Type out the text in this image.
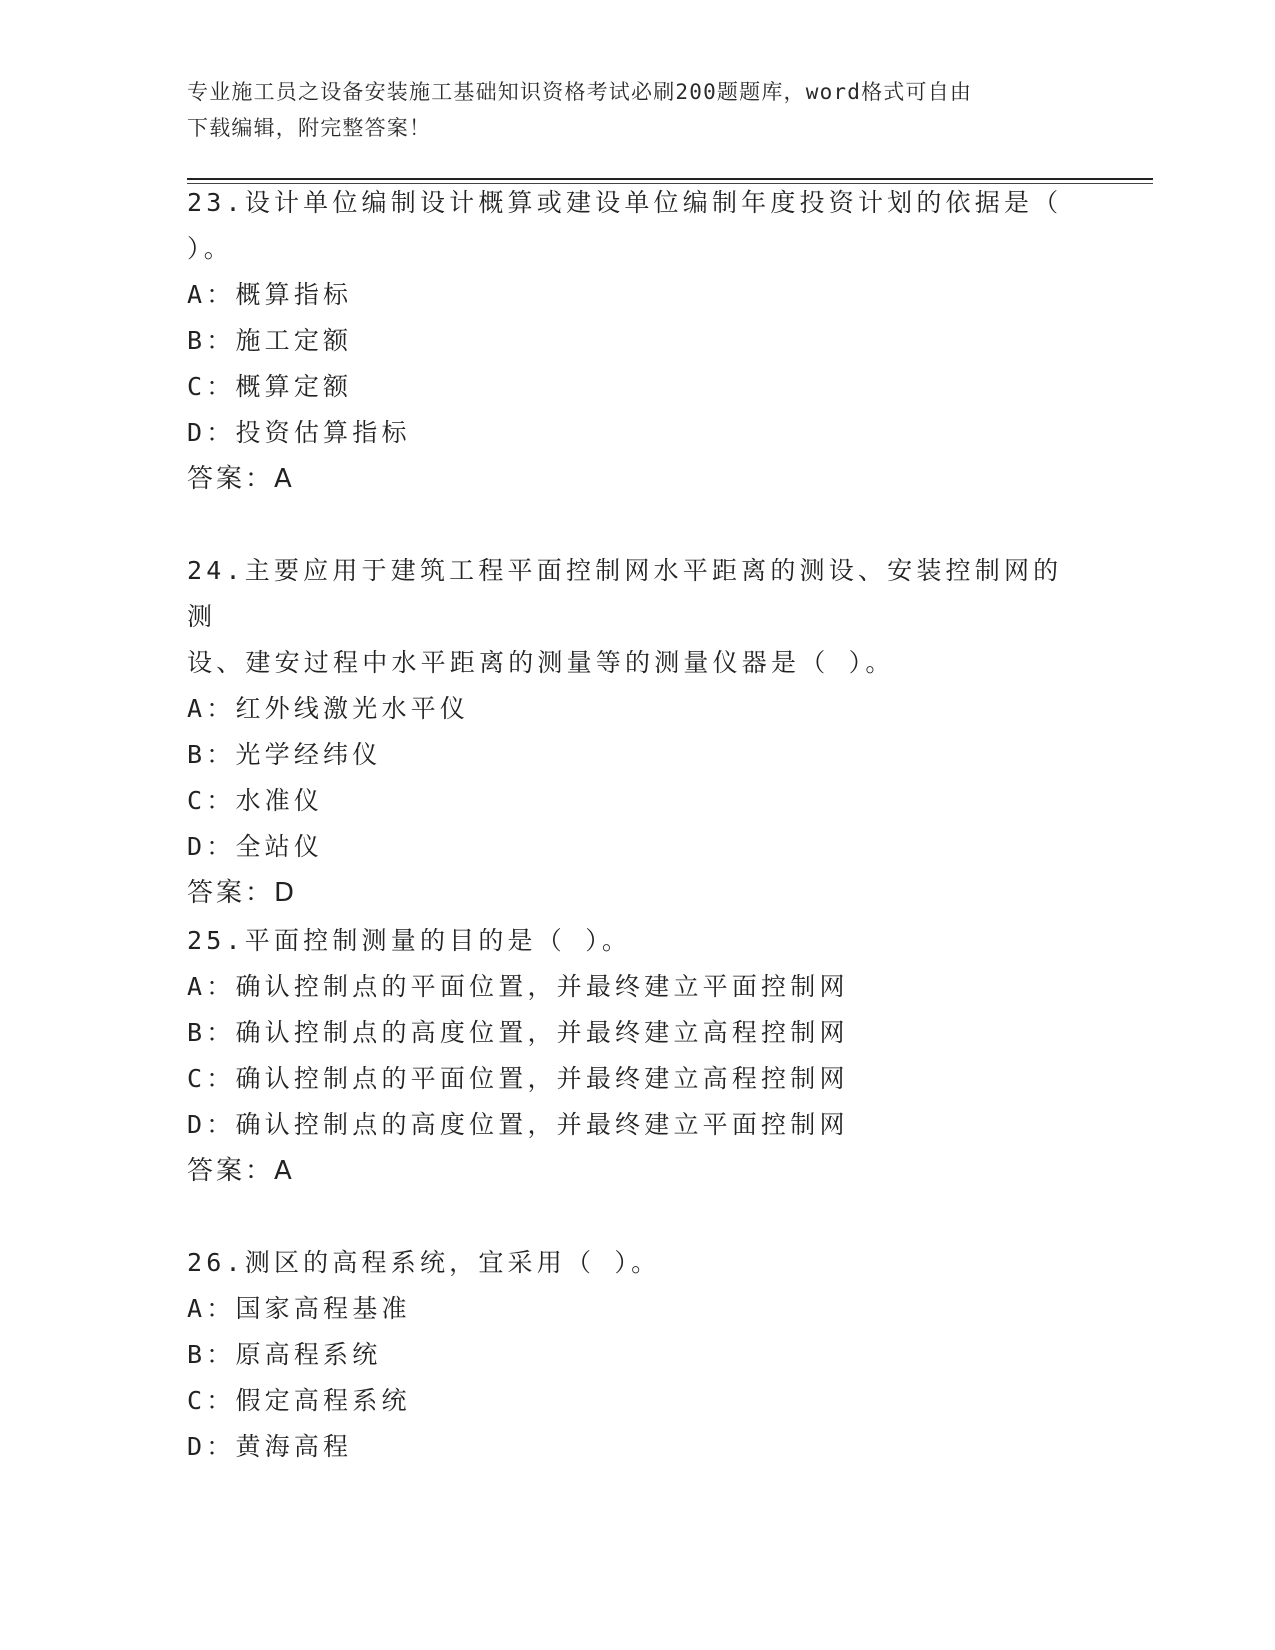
专业施工员之设备安装施工基础知识资格考试必刷200题题库，word格式可自由
下载编辑，附完整答案！
23.设计单位编制设计概算或建设单位编制年度投资计划的依据是（
）。
A：概算指标
B：施工定额
C：概算定额
D：投资估算指标
答案：A
24.主要应用于建筑工程平面控制网水平距离的测设、安装控制网的测
设、建安过程中水平距离的测量等的测量仪器是（ ）。
A：红外线激光水平仪
B：光学经纬仪
C：水准仪
D：全站仪
答案：D
25.平面控制测量的目的是（ ）。
A：确认控制点的平面位置，并最终建立平面控制网
B：确认控制点的高度位置，并最终建立高程控制网
C：确认控制点的平面位置，并最终建立高程控制网
D：确认控制点的高度位置，并最终建立平面控制网
答案：A
26.测区的高程系统，宜采用（ ）。
A：国家高程基准
B：原高程系统
C：假定高程系统
D：黄海高程
